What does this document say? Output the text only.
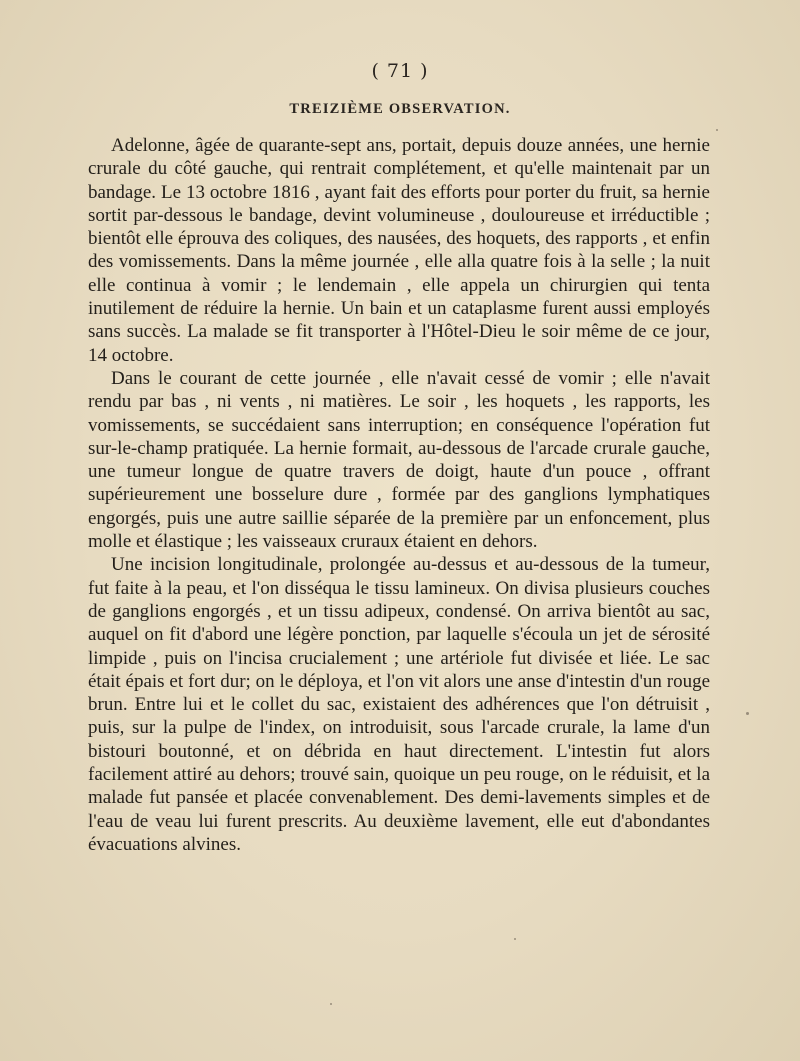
( 71 )
TREIZIÈME OBSERVATION.

Adelonne, âgée de quarante-sept ans, portait, depuis douze années, une hernie crurale du côté gauche, qui rentrait complétement, et qu'elle maintenait par un bandage. Le 13 octobre 1816 , ayant fait des efforts pour porter du fruit, sa hernie sortit par-dessous le bandage, devint volumineuse , douloureuse et irréductible ; bientôt elle éprouva des coliques, des nausées, des hoquets, des rapports , et enfin des vomissements. Dans la même journée , elle alla quatre fois à la selle ; la nuit elle continua à vomir ; le lendemain , elle appela un chirurgien qui tenta inutilement de réduire la hernie. Un bain et un cataplasme furent aussi employés sans succès. La malade se fit transporter à l'Hôtel-Dieu le soir même de ce jour, 14 octobre.

Dans le courant de cette journée , elle n'avait cessé de vomir ; elle n'avait rendu par bas , ni vents , ni matières. Le soir , les hoquets , les rapports, les vomissements, se succédaient sans interruption; en conséquence l'opération fut sur-le-champ pratiquée. La hernie formait, au-dessous de l'arcade crurale gauche, une tumeur longue de quatre travers de doigt, haute d'un pouce , offrant supérieurement une bosselure dure , formée par des ganglions lymphatiques engorgés, puis une autre saillie séparée de la première par un enfoncement, plus molle et élastique ; les vaisseaux cruraux étaient en dehors.

Une incision longitudinale, prolongée au-dessus et au-dessous de la tumeur, fut faite à la peau, et l'on disséqua le tissu lamineux. On divisa plusieurs couches de ganglions engorgés , et un tissu adipeux, condensé. On arriva bientôt au sac, auquel on fit d'abord une légère ponction, par laquelle s'écoula un jet de sérosité limpide , puis on l'incisa crucialement ; une artériole fut divisée et liée. Le sac était épais et fort dur; on le déploya, et l'on vit alors une anse d'intestin d'un rouge brun. Entre lui et le collet du sac, existaient des adhérences que l'on détruisit , puis, sur la pulpe de l'index, on introduisit, sous l'arcade crurale, la lame d'un bistouri boutonné, et on débrida en haut directement. L'intestin fut alors facilement attiré au dehors; trouvé sain, quoique un peu rouge, on le réduisit, et la malade fut pansée et placée convenablement. Des demi-lavements simples et de l'eau de veau lui furent prescrits. Au deuxième lavement, elle eut d'abondantes évacuations alvines.
